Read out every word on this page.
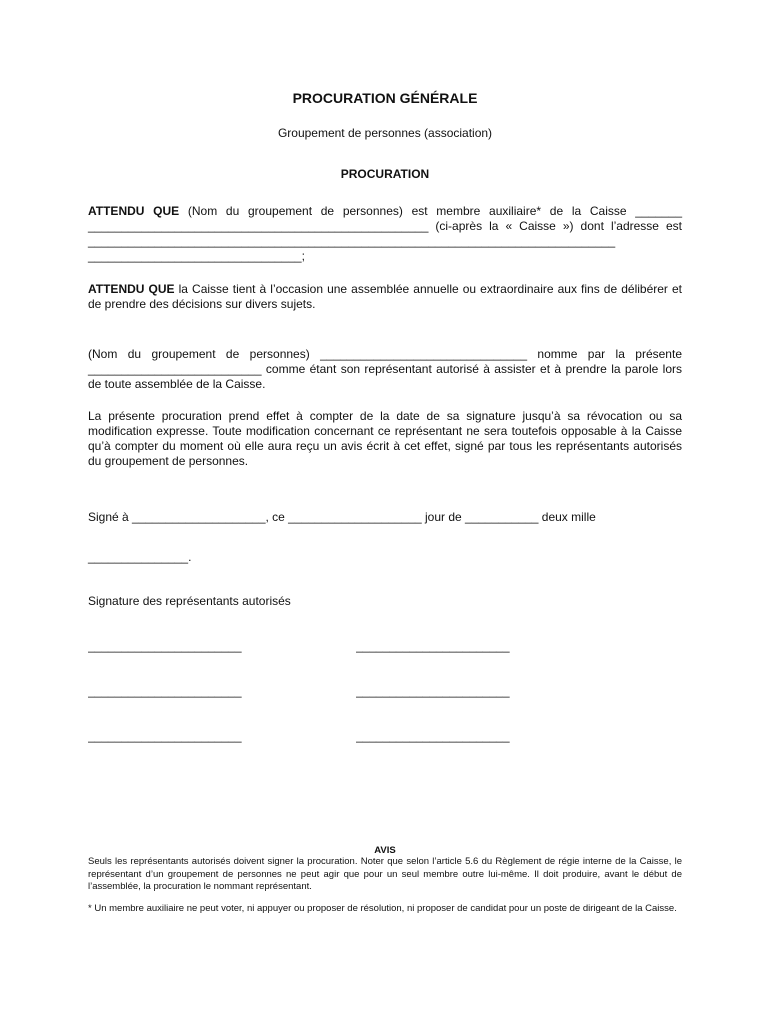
PROCURATION GÉNÉRALE
Groupement de personnes (association)
PROCURATION

ATTENDU QUE (Nom du groupement de personnes) est membre auxiliaire* de la Caisse _______ ___________________________________________________ (ci-après la « Caisse ») dont l’adresse est _______________________________________________________________________________ ________________________________;

ATTENDU QUE la Caisse tient à l’occasion une assemblée annuelle ou extraordinaire aux fins de délibérer et de prendre des décisions sur divers sujets.

(Nom du groupement de personnes) _______________________________ nomme par la présente __________________________ comme étant son représentant autorisé à assister et à prendre la parole lors de toute assemblée de la Caisse.

La présente procuration prend effet à compter de la date de sa signature jusqu’à sa révocation ou sa modification expresse. Toute modification concernant ce représentant ne sera toutefois opposable à la Caisse qu’à compter du moment où elle aura reçu un avis écrit à cet effet, signé par tous les représentants autorisés du groupement de personnes.

Signé à ____________________, ce ____________________ jour de ___________ deux mille

_______________.

Signature des représentants autorisés

_______________________	_______________________
_______________________	_______________________
_______________________	_______________________
AVIS

Seuls les représentants autorisés doivent signer la procuration. Noter que selon l’article 5.6 du Règlement de régie interne de la Caisse, le représentant d’un groupement de personnes ne peut agir que pour un seul membre outre lui-même. Il doit produire, avant le début de l’assemblée, la procuration le nommant représentant.

* Un membre auxiliaire ne peut voter, ni appuyer ou proposer de résolution, ni proposer de candidat pour un poste de dirigeant de la Caisse.
